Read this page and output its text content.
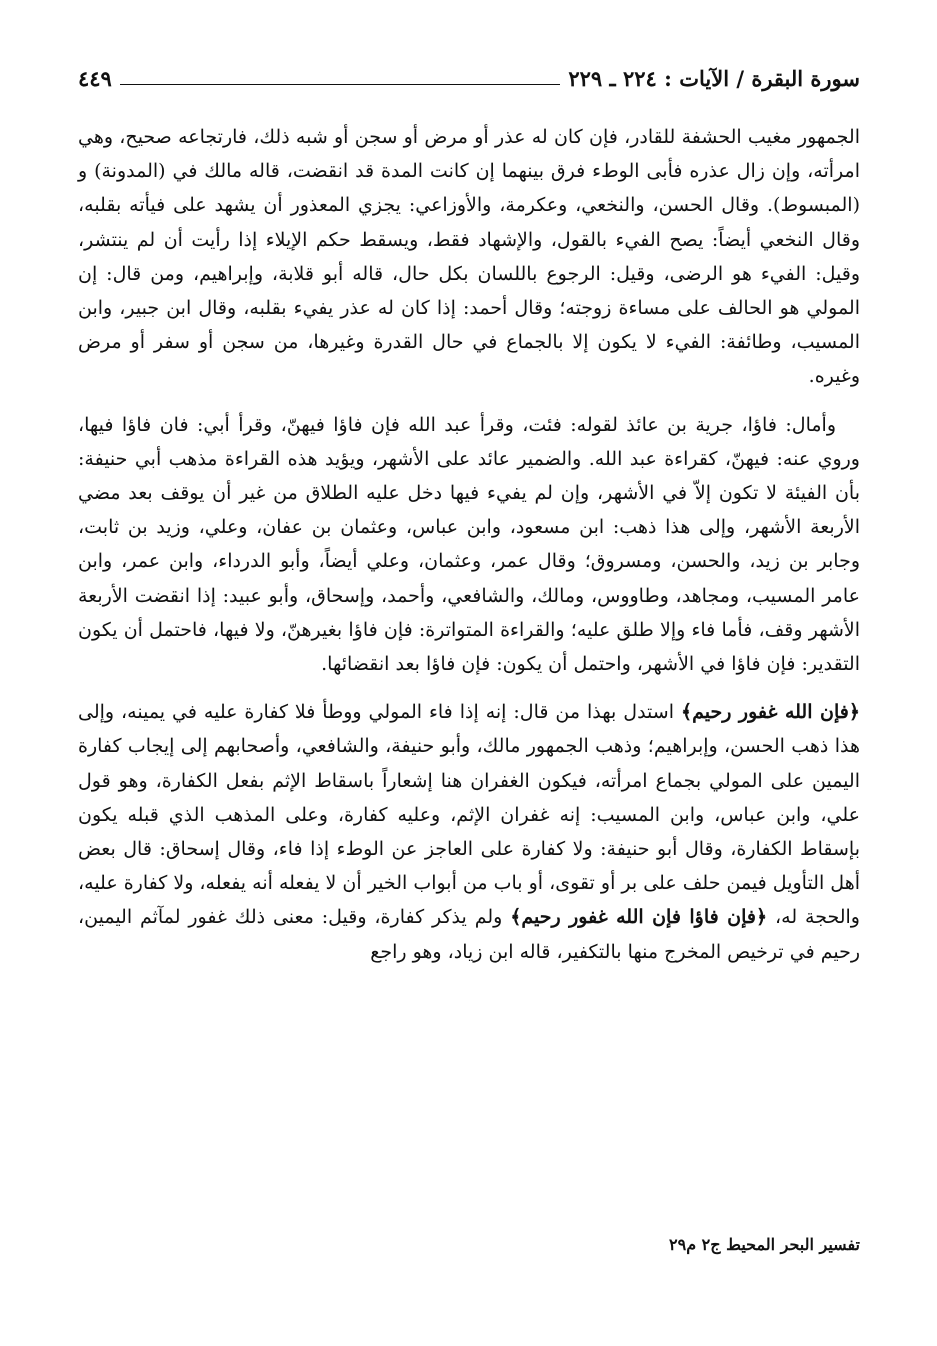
سورة البقرة / الآيات : ٢٢٤ ـ ٢٢٩
٤٤٩

الجمهور مغيب الحشفة للقادر، فإن كان له عذر أو مرض أو سجن أو شبه ذلك، فارتجاعه صحيح، وهي امرأته، وإن زال عذره فأبى الوطء فرق بينهما إن كانت المدة قد انقضت، قاله مالك في (المدونة) و (المبسوط). وقال الحسن، والنخعي، وعكرمة، والأوزاعي: يجزي المعذور أن يشهد على فيأته بقلبه، وقال النخعي أيضاً: يصح الفيء بالقول، والإشهاد فقط، ويسقط حكم الإيلاء إذا رأيت أن لم ينتشر، وقيل: الفيء هو الرضى، وقيل: الرجوع باللسان بكل حال، قاله أبو قلابة، وإبراهيم، ومن قال: إن المولي هو الحالف على مساءة زوجته؛ وقال أحمد: إذا كان له عذر يفيء بقلبه، وقال ابن جبير، وابن المسيب، وطائفة: الفيء لا يكون إلا بالجماع في حال القدرة وغيرها، من سجن أو سفر أو مرض وغيره.

وأمال: فاؤا، جرية بن عائذ لقوله: فئت، وقرأ عبد الله فإن فاؤا فيهنّ، وقرأ أبي: فان فاؤا فيها، وروي عنه: فيهنّ، كقراءة عبد الله. والضمير عائد على الأشهر، ويؤيد هذه القراءة مذهب أبي حنيفة: بأن الفيئة لا تكون إلاّ في الأشهر، وإن لم يفيء فيها دخل عليه الطلاق من غير أن يوقف بعد مضي الأربعة الأشهر، وإلى هذا ذهب: ابن مسعود، وابن عباس، وعثمان بن عفان، وعلي، وزيد بن ثابت، وجابر بن زيد، والحسن، ومسروق؛ وقال عمر، وعثمان، وعلي أيضاً، وأبو الدرداء، وابن عمر، وابن عامر المسيب، ومجاهد، وطاووس، ومالك، والشافعي، وأحمد، وإسحاق، وأبو عبيد: إذا انقضت الأربعة الأشهر وقف، فأما فاء وإلا طلق عليه؛ والقراءة المتواترة: فإن فاؤا بغيرهنّ، ولا فيها، فاحتمل أن يكون التقدير: فإن فاؤا في الأشهر، واحتمل أن يكون: فإن فاؤا بعد انقضائها.

﴿فإن الله غفور رحيم﴾ استدل بهذا من قال: إنه إذا فاء المولي ووطأ فلا كفارة عليه في يمينه، وإلى هذا ذهب الحسن، وإبراهيم؛ وذهب الجمهور مالك، وأبو حنيفة، والشافعي، وأصحابهم إلى إيجاب كفارة اليمين على المولي بجماع امرأته، فيكون الغفران هنا إشعاراً باسقاط الإثم بفعل الكفارة، وهو قول علي، وابن عباس، وابن المسيب: إنه غفران الإثم، وعليه كفارة، وعلى المذهب الذي قبله يكون بإسقاط الكفارة، وقال أبو حنيفة: ولا كفارة على العاجز عن الوطء إذا فاء، وقال إسحاق: قال بعض أهل التأويل فيمن حلف على بر أو تقوى، أو باب من أبواب الخير أن لا يفعله أنه يفعله، ولا كفارة عليه، والحجة له، ﴿فإن فاؤا فإن الله غفور رحيم﴾ ولم يذكر كفارة، وقيل: معنى ذلك غفور لمآثم اليمين، رحيم في ترخيص المخرج منها بالتكفير، قاله ابن زياد، وهو راجع

تفسير البحر المحيط ج٢ م٢٩
